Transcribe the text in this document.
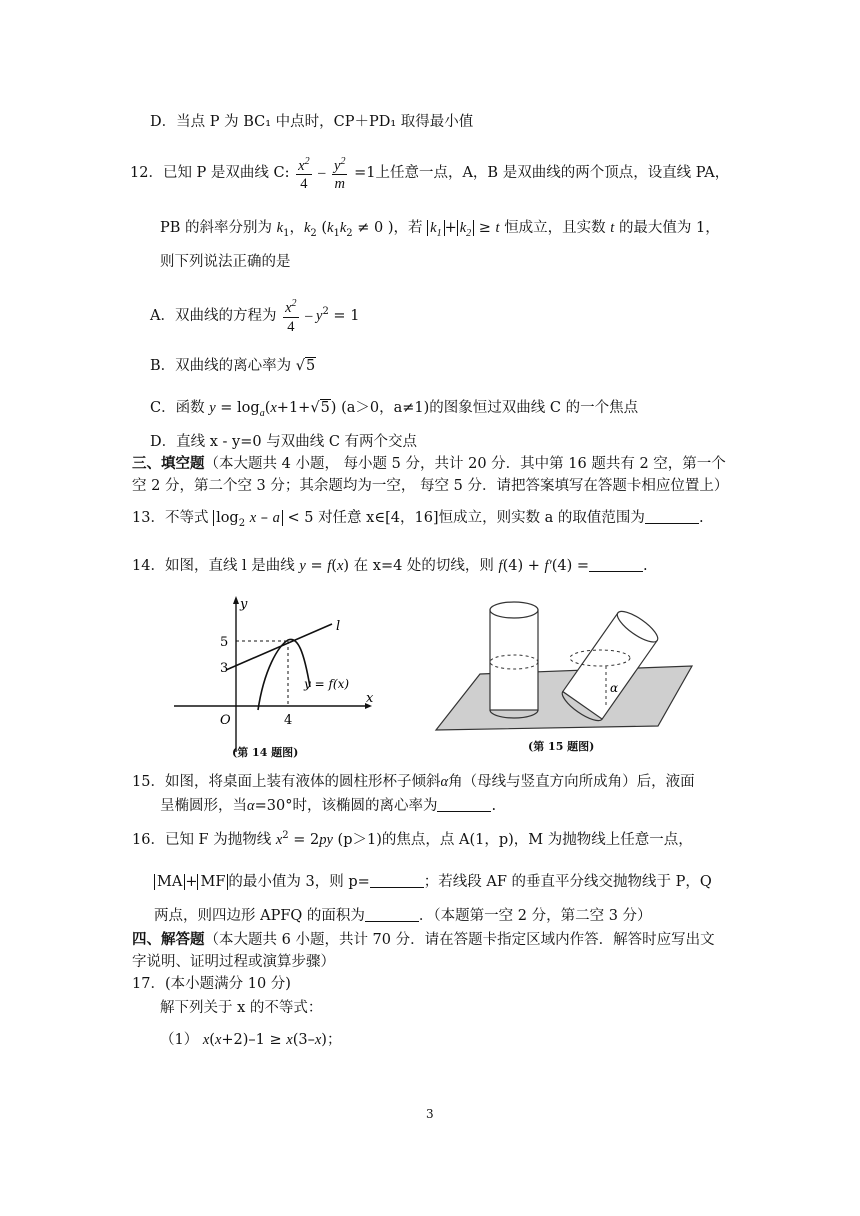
D．当点 P 为 BC₁ 中点时，CP＋PD₁ 取得最小值
12．已知 P 是双曲线 C: $\frac{x^2}{4} - \frac{y^2}{m} =1$上任意一点，A，B 是双曲线的两个顶点，设直线 PA，
PB 的斜率分别为 $k_1$，$k_2$ ($k_1k_2 \ne 0$ )，若 $k_1 + k_2 \ge t$ 恒成立，且实数 t 的最大值为 1，
则下列说法正确的是
A．双曲线的方程为 $\frac{x^2}{4} - y^2 = 1$
B．双曲线的离心率为 √5
C．函数 $y = \log_a(x+1+√5)$ (a＞0，a≠1)的图象恒过双曲线 C 的一个焦点
D．直线 x - y=0 与双曲线 C 有两个交点
三、填空题（本大题共 4 小题， 每小题 5 分，共计 20 分．其中第 16 题共有 2 空，第一个
空 2 分，第二个空 3 分；其余题均为一空， 每空 5 分．请把答案填写在答题卡相应位置上）
13．不等式 $\log_2 x - a < 5$ 对任意 x∈[4，16]恒成立，则实数 a 的取值范围为	.
14．如图，直线 l 是曲线 y = f(x) 在 x=4 处的切线，则 f(4) + f′(4) =	.
y
x
O
5
3
4
l
y = f(x)
(第 14 题图)
α
(第 15 题图)
15．如图，将桌面上装有液体的圆柱形杯子倾斜α角（母线与竖直方向所成角）后，液面
呈椭圆形，当α=30°时，该椭圆的离心率为	.
16．已知 F 为抛物线 $x^2 = 2py$ (p＞1)的焦点，点 A(1，p)，M 为抛物线上任意一点，
MA + MF 的最小值为 3，则 p=	；若线段 AF 的垂直平分线交抛物线于 P，Q
两点，则四边形 APFQ 的面积为	．（本题第一空 2 分，第二空 3 分）
四、解答题（本大题共 6 小题，共计 70 分．请在答题卡指定区域内作答．解答时应写出文
字说明、证明过程或演算步骤）
17．(本小题满分 10 分)
解下列关于 x 的不等式：
（1） x(x+2)–1 ≥ x(3–x)；
3
